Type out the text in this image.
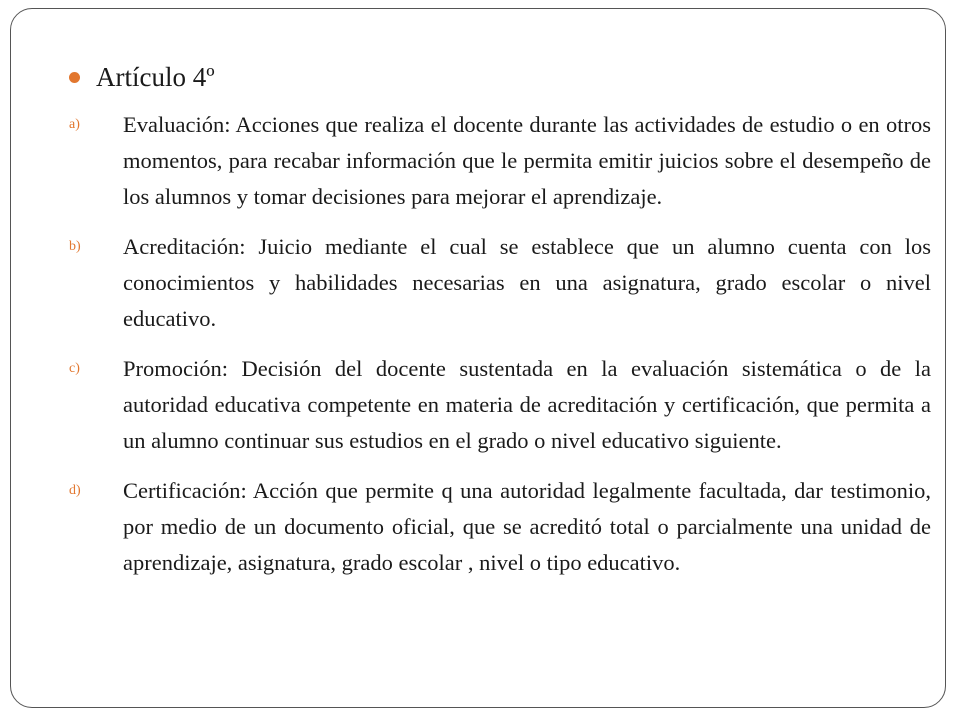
Artículo 4º
a)	Evaluación: Acciones que realiza el docente durante las actividades de estudio o en otros momentos, para recabar información que le permita emitir juicios sobre el desempeño de los alumnos y tomar decisiones para mejorar el aprendizaje.
b)	Acreditación: Juicio mediante el cual se establece que un alumno cuenta con los conocimientos y habilidades necesarias en una asignatura, grado escolar o nivel educativo.
c)	Promoción: Decisión del docente sustentada en la evaluación sistemática o de la autoridad educativa competente en materia de acreditación y certificación, que permita a un alumno continuar sus estudios en el grado o nivel educativo siguiente.
d)	Certificación: Acción que permite q una autoridad legalmente facultada, dar testimonio, por medio de un documento oficial, que se acreditó total o parcialmente una unidad de aprendizaje, asignatura, grado escolar , nivel o tipo educativo.
